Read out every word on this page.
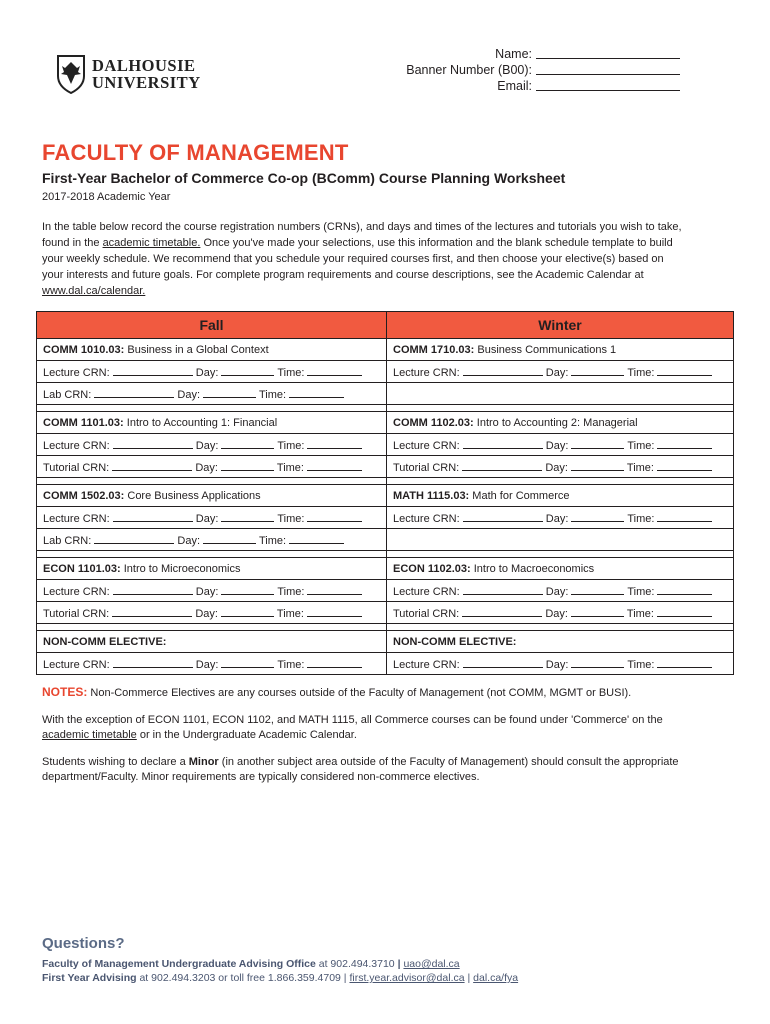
DALHOUSIE
UNIVERSITY
Name:
Banner Number (B00):
Email:
FACULTY OF MANAGEMENT
First-Year Bachelor of Commerce Co-op (BComm) Course Planning Worksheet
2017-2018 Academic Year
In the table below record the course registration numbers (CRNs), and days and times of the lectures and tutorials you wish to take, found in the academic timetable. Once you've made your selections, use this information and the blank schedule template to build your weekly schedule. We recommend that you schedule your required courses first, and then choose your elective(s) based on your interests and future goals. For complete program requirements and course descriptions, see the Academic Calendar at www.dal.ca/calendar.
Fall	Winter
COMM 1010.03: Business in a Global Context	COMM 1710.03: Business Communications 1
Lecture CRN: Day: Time:	Lecture CRN: Day: Time:
Lab CRN: Day: Time:	

COMM 1101.03: Intro to Accounting 1: Financial	COMM 1102.03: Intro to Accounting 2: Managerial
Lecture CRN: Day: Time:	Lecture CRN: Day: Time:
Tutorial CRN: Day: Time:	Tutorial CRN: Day: Time:

COMM 1502.03: Core Business Applications	MATH 1115.03: Math for Commerce
Lecture CRN: Day: Time:	Lecture CRN: Day: Time:
Lab CRN: Day: Time:	

ECON 1101.03: Intro to Microeconomics	ECON 1102.03: Intro to Macroeconomics
Lecture CRN: Day: Time:	Lecture CRN: Day: Time:
Tutorial CRN: Day: Time:	Tutorial CRN: Day: Time:

NON-COMM ELECTIVE:	NON-COMM ELECTIVE:
Lecture CRN: Day: Time:	Lecture CRN: Day: Time:

NOTES: Non-Commerce Electives are any courses outside of the Faculty of Management (not COMM, MGMT or BUSI).

With the exception of ECON 1101, ECON 1102, and MATH 1115, all Commerce courses can be found under 'Commerce' on the academic timetable or in the Undergraduate Academic Calendar.

Students wishing to declare a Minor (in another subject area outside of the Faculty of Management) should consult the appropriate department/Faculty. Minor requirements are typically considered non-commerce electives.

Questions?
Faculty of Management Undergraduate Advising Office at 902.494.3710 | uao@dal.ca
First Year Advising at 902.494.3203 or toll free 1.866.359.4709 | first.year.advisor@dal.ca | dal.ca/fya
